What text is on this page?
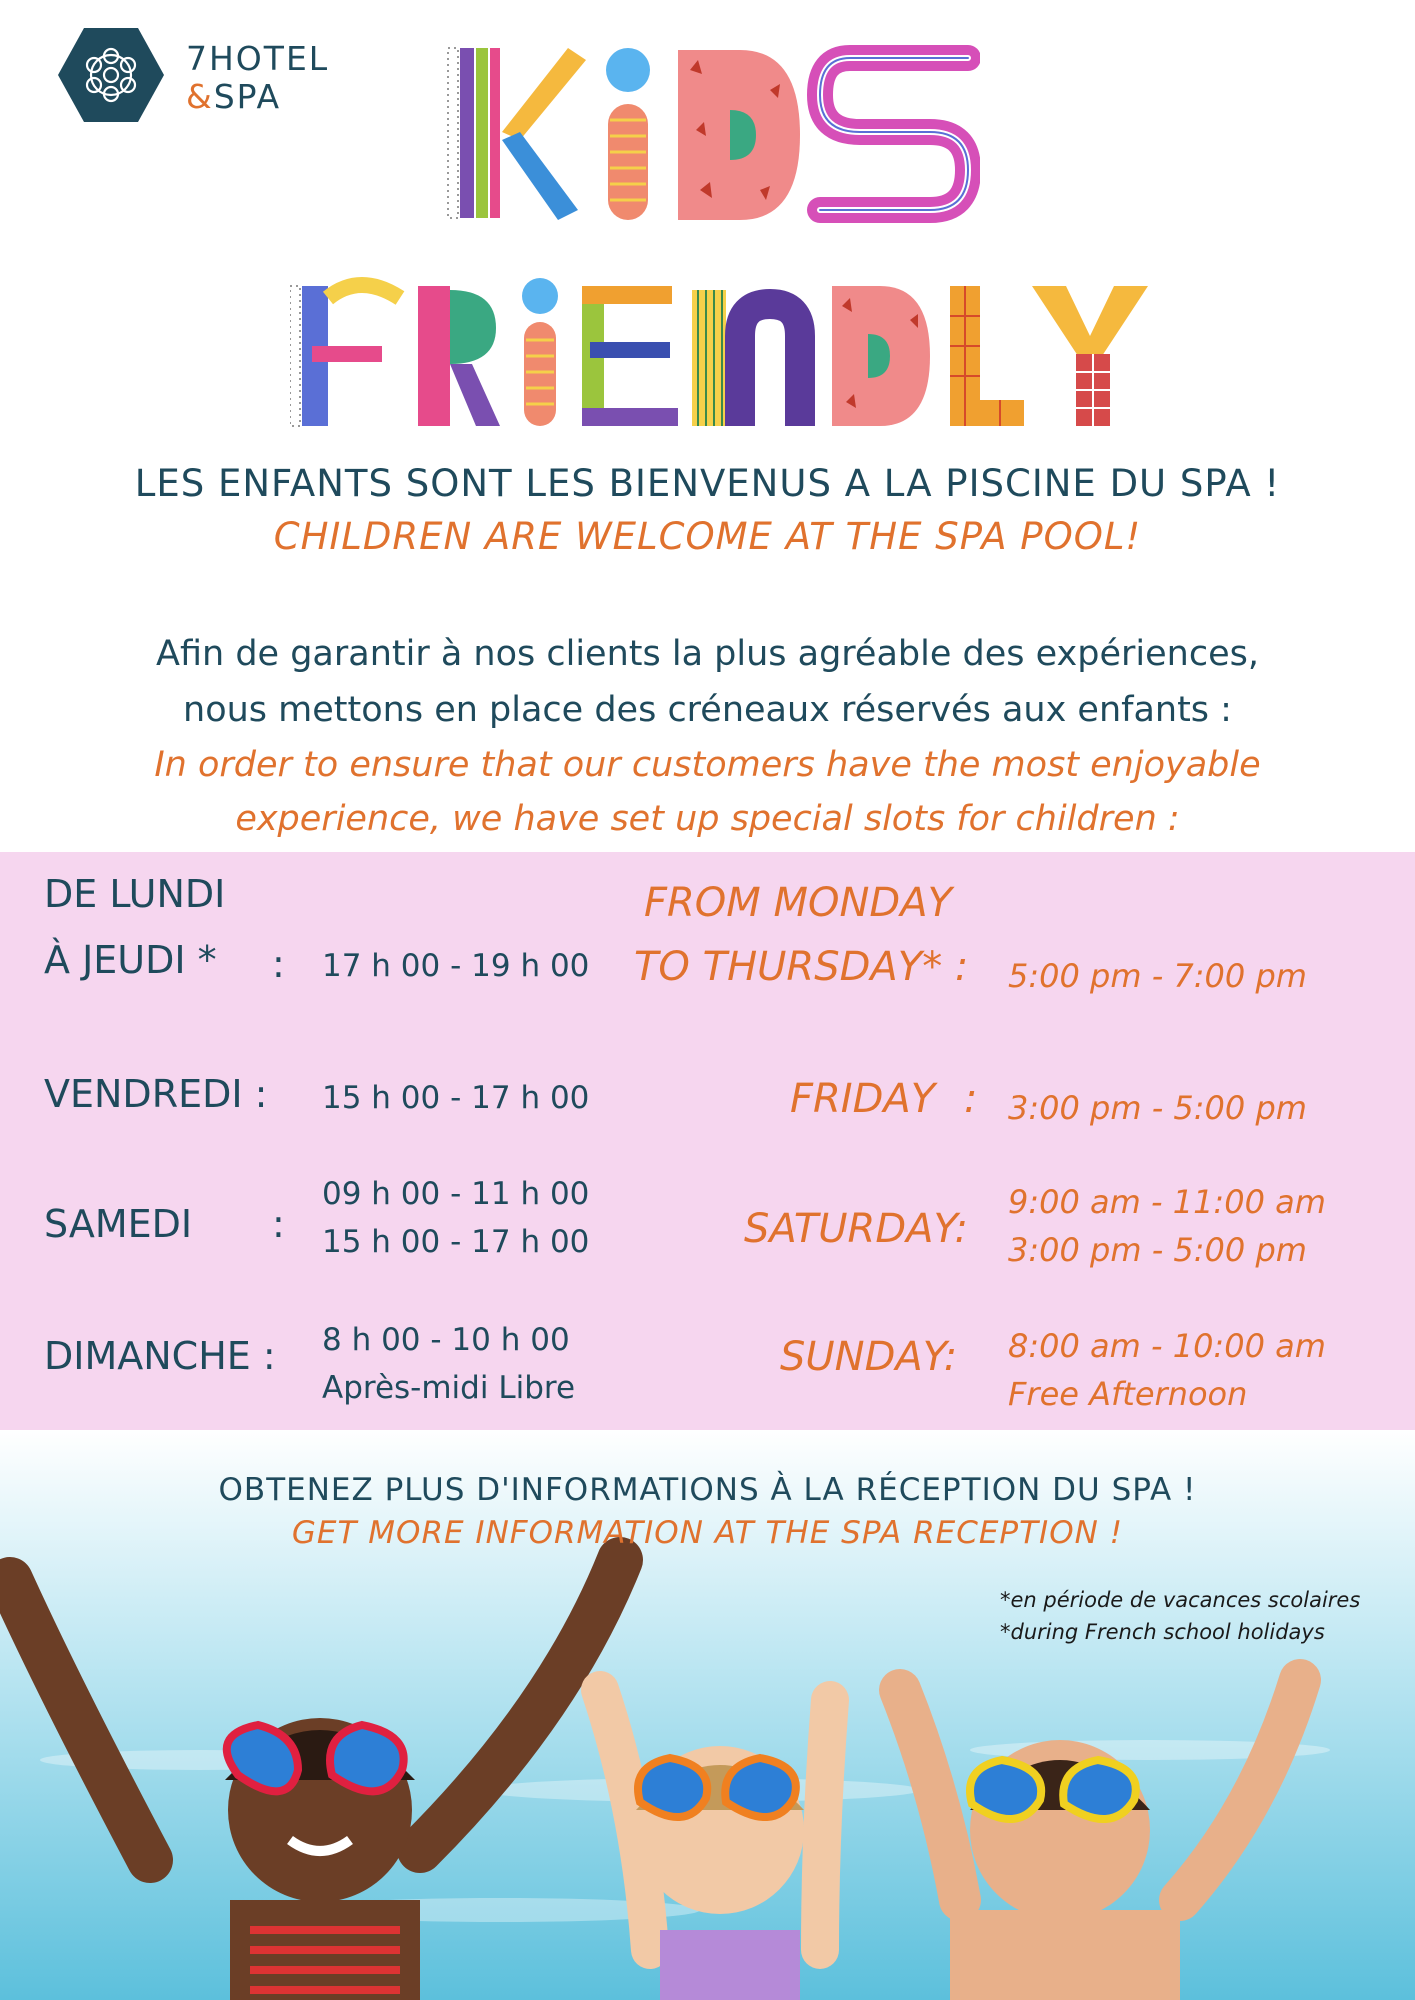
7HOTEL
&SPA
LES ENFANTS SONT LES BIENVENUS A LA PISCINE DU SPA !
CHILDREN ARE WELCOME AT THE SPA POOL!
Afin de garantir à nos clients la plus agréable des expériences,
nous mettons en place des créneaux réservés aux enfants :
In order to ensure that our customers have the most enjoyable
experience, we have set up special slots for children :
DE LUNDI
À JEUDI * : 17 h 00 - 19 h 00
FROM MONDAY
TO THURSDAY* : 5:00 pm - 7:00 pm
VENDREDI : 15 h 00 - 17 h 00	FRIDAY : 3:00 pm - 5:00 pm
SAMEDI :
09 h 00 - 11 h 00
15 h 00 - 17 h 00	SATURDAY:
9:00 am - 11:00 am
3:00 pm - 5:00 pm
DIMANCHE : 8 h 00 - 10 h 00
Après-midi Libre
SUNDAY: 8:00 am - 10:00 am
Free Afternoon
OBTENEZ PLUS D'INFORMATIONS À LA RÉCEPTION DU SPA !
GET MORE INFORMATION AT THE SPA RECEPTION !
*en période de vacances scolaires
*during French school holidays
